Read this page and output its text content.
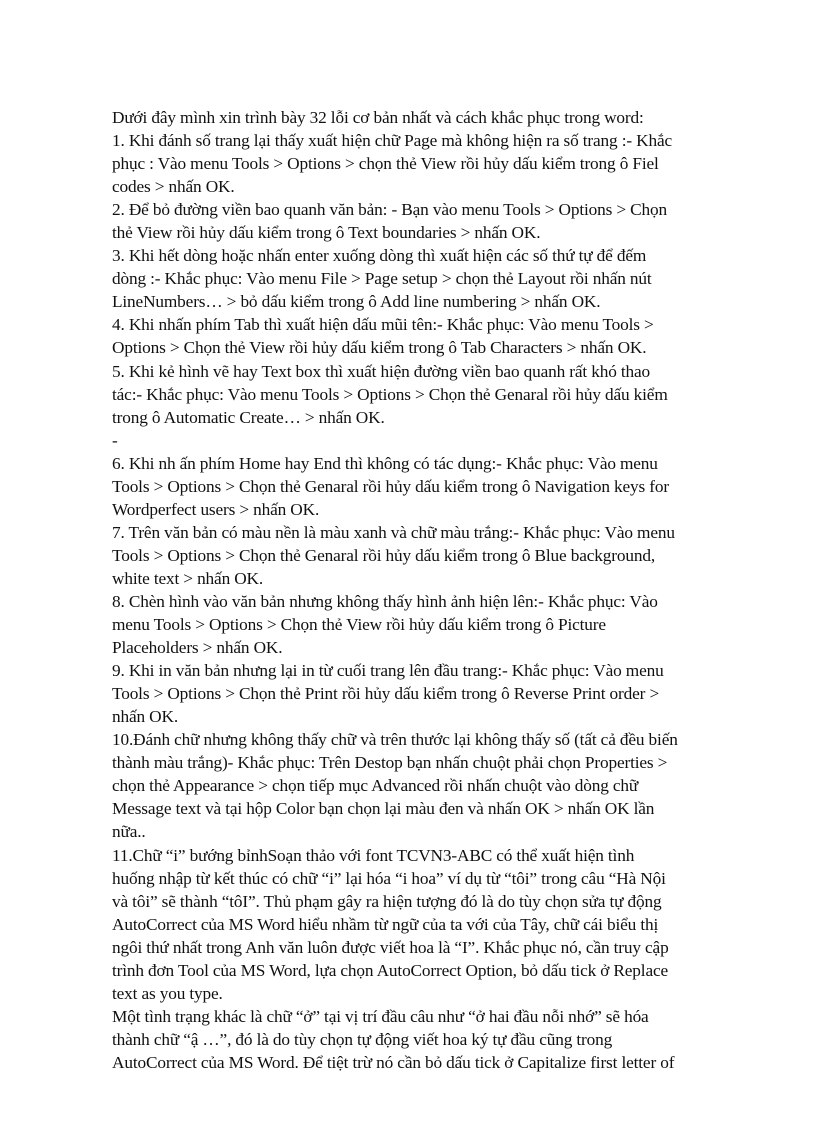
Dưới đây mình xin trình bày 32 lỗi cơ bản nhất và cách khắc phục trong word:
1. Khi đánh số trang lại thấy xuất hiện chữ Page mà không hiện ra số trang :- Khắc
phục : Vào menu Tools > Options > chọn thẻ View rồi hủy dấu kiểm trong ô Fiel
codes > nhấn OK.
2. Để bỏ đường viền bao quanh văn bản: - Bạn vào menu Tools > Options > Chọn
thẻ View rồi hủy dấu kiểm trong ô Text boundaries > nhấn OK.
3. Khi hết dòng hoặc nhấn enter xuống dòng thì xuất hiện các số thứ tự để đếm
dòng :- Khắc phục: Vào menu File > Page setup > chọn thẻ Layout rồi nhấn nút
LineNumbers… > bỏ dấu kiểm trong ô Add line numbering > nhấn OK.
4. Khi nhấn phím Tab thì xuất hiện dấu mũi tên:- Khắc phục: Vào menu Tools >
Options > Chọn thẻ View rồi hủy dấu kiểm trong ô Tab Characters > nhấn OK.
5. Khi kẻ hình vẽ hay Text box thì xuất hiện đường viền bao quanh rất khó thao
tác:- Khắc phục: Vào menu Tools > Options > Chọn thẻ Genaral rồi hủy dấu kiểm
trong ô Automatic Create… > nhấn OK.
-
6. Khi nh ấn phím Home hay End thì không có tác dụng:- Khắc phục: Vào menu
Tools > Options > Chọn thẻ Genaral rồi hủy dấu kiểm trong ô Navigation keys for
Wordperfect users > nhấn OK.
7. Trên văn bản có màu nền là màu xanh và chữ màu trắng:- Khắc phục: Vào menu
Tools > Options > Chọn thẻ Genaral rồi hủy dấu kiểm trong ô Blue background,
white text > nhấn OK.
8. Chèn hình vào văn bản nhưng không thấy hình ảnh hiện lên:- Khắc phục: Vào
menu Tools > Options > Chọn thẻ View rồi hủy dấu kiểm trong ô Picture
Placeholders > nhấn OK.
9. Khi in văn bản nhưng lại in từ cuối trang lên đầu trang:- Khắc phục: Vào menu
Tools > Options > Chọn thẻ Print rồi hủy dấu kiểm trong ô Reverse Print order >
nhấn OK.
10.Đánh chữ nhưng không thấy chữ và trên thước lại không thấy số (tất cả đều biến
thành màu trắng)- Khắc phục: Trên Destop bạn nhấn chuột phải chọn Properties >
chọn thẻ Appearance > chọn tiếp mục Advanced rồi nhấn chuột vào dòng chữ
Message text và tại hộp Color bạn chọn lại màu đen và nhấn OK > nhấn OK lần
nữa..
11.Chữ “i” bướng bỉnhSoạn thảo với font TCVN3-ABC có thể xuất hiện tình
huống nhập từ kết thúc có chữ “i” lại hóa “i hoa” ví dụ từ “tôi” trong câu “Hà Nội
và tôi” sẽ thành “tôI”. Thủ phạm gây ra hiện tượng đó là do tùy chọn sửa tự động
AutoCorrect của MS Word hiểu nhầm từ ngữ của ta với của Tây, chữ cái biểu thị
ngôi thứ nhất trong Anh văn luôn được viết hoa là “I”. Khắc phục nó, cần truy cập
trình đơn Tool của MS Word, lựa chọn AutoCorrect Option, bỏ dấu tick ở Replace
text as you type.
Một tình trạng khác là chữ “ở” tại vị trí đầu câu như “ở hai đầu nỗi nhớ” sẽ hóa
thành chữ “ậ …”, đó là do tùy chọn tự động viết hoa ký tự đầu cũng trong
AutoCorrect của MS Word. Để tiệt trừ nó cần bỏ dấu tick ở Capitalize first letter of
